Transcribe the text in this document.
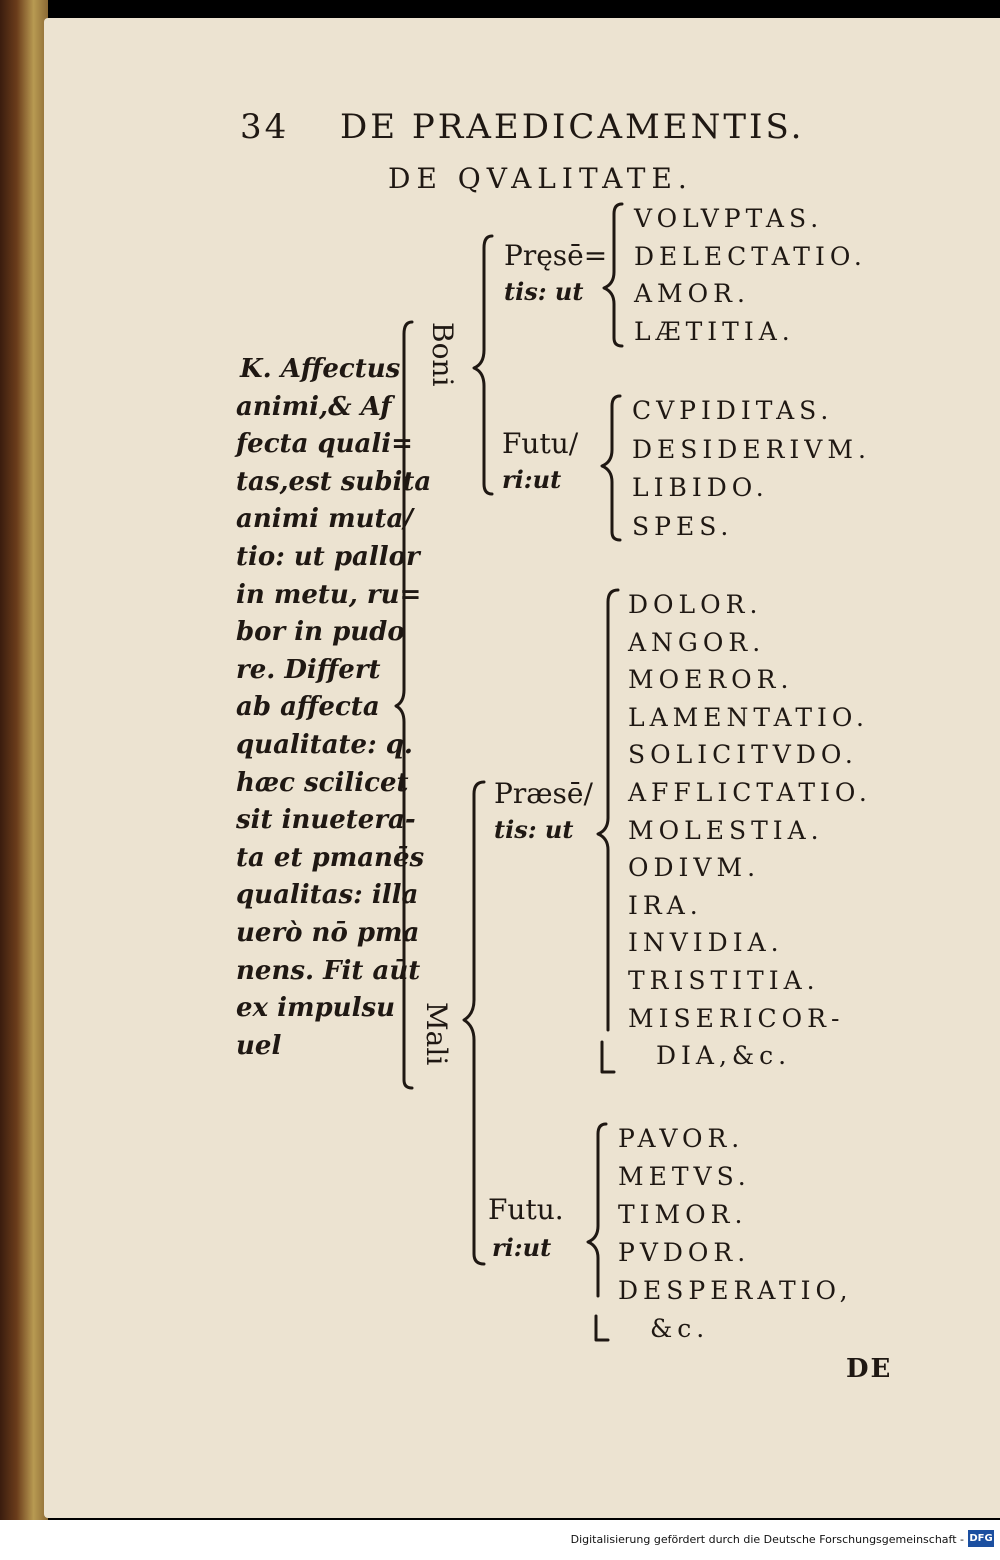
34 DE PRAEDICAMENTIS.
DE QVALITATE.
K. Affectus
animi,& Af
fecta quali=
tas,est subita
animi muta/
tio: ut pallor
in metu, ru=
bor in pudo
re. Differt
ab affecta
qualitate: q.
hæc scilicet
sit inuetera-
ta et pmanēs
qualitas: illa
uerò nō pma
nens. Fit aūt
ex impulsu
uel
Boni
Mali
Pręsē=
tis: ut
Futu/
ri:ut
Præsē/
tis: ut
Futu.
ri:ut
VOLVPTAS.
DELECTATIO.
AMOR.
LÆTITIA.
CVPIDITAS.
DESIDERIVM.
LIBIDO.
SPES.
DOLOR.
ANGOR.
MOEROR.
LAMENTATIO.
SOLICITVDO.
AFFLICTATIO.
MOLESTIA.
ODIVM.
IRA.
INVIDIA.
TRISTITIA.
MISERICOR-
DIA,&c.
PAVOR.
METVS.
TIMOR.
PVDOR.
DESPERATIO,
&c.
DE
Digitalisierung gefördert durch die Deutsche Forschungsgemeinschaft - DFG
